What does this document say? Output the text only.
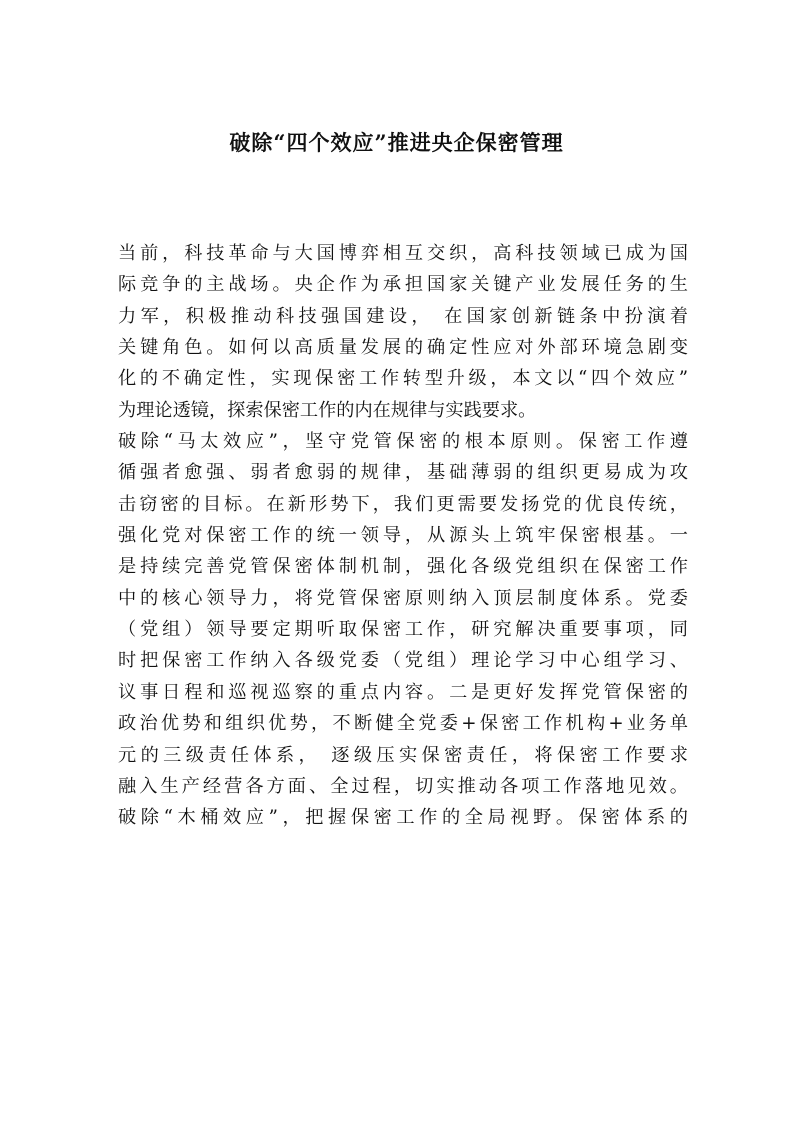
破除“四个效应”推进央企保密管理
当前，科技革命与大国博弈相互交织，高科技领域已成为国
际竞争的主战场。央企作为承担国家关键产业发展任务的生
力军，积极推动科技强国建设， 在国家创新链条中扮演着
关键角色。如何以高质量发展的确定性应对外部环境急剧变
化的不确定性，实现保密工作转型升级，本文以“四个效应”
为理论透镜，探索保密工作的内在规律与实践要求。
破除“马太效应”，坚守党管保密的根本原则。保密工作遵
循强者愈强、弱者愈弱的规律，基础薄弱的组织更易成为攻
击窃密的目标。在新形势下，我们更需要发扬党的优良传统，
强化党对保密工作的统一领导，从源头上筑牢保密根基。一
是持续完善党管保密体制机制，强化各级党组织在保密工作
中的核心领导力，将党管保密原则纳入顶层制度体系。党委
（党组）领导要定期听取保密工作，研究解决重要事项，同
时把保密工作纳入各级党委（党组）理论学习中心组学习、
议事日程和巡视巡察的重点内容。二是更好发挥党管保密的
政治优势和组织优势，不断健全党委+保密工作机构+业务单
元的三级责任体系， 逐级压实保密责任，将保密工作要求
融入生产经营各方面、全过程，切实推动各项工作落地见效。
破除“木桶效应”，把握保密工作的全局视野。保密体系的
